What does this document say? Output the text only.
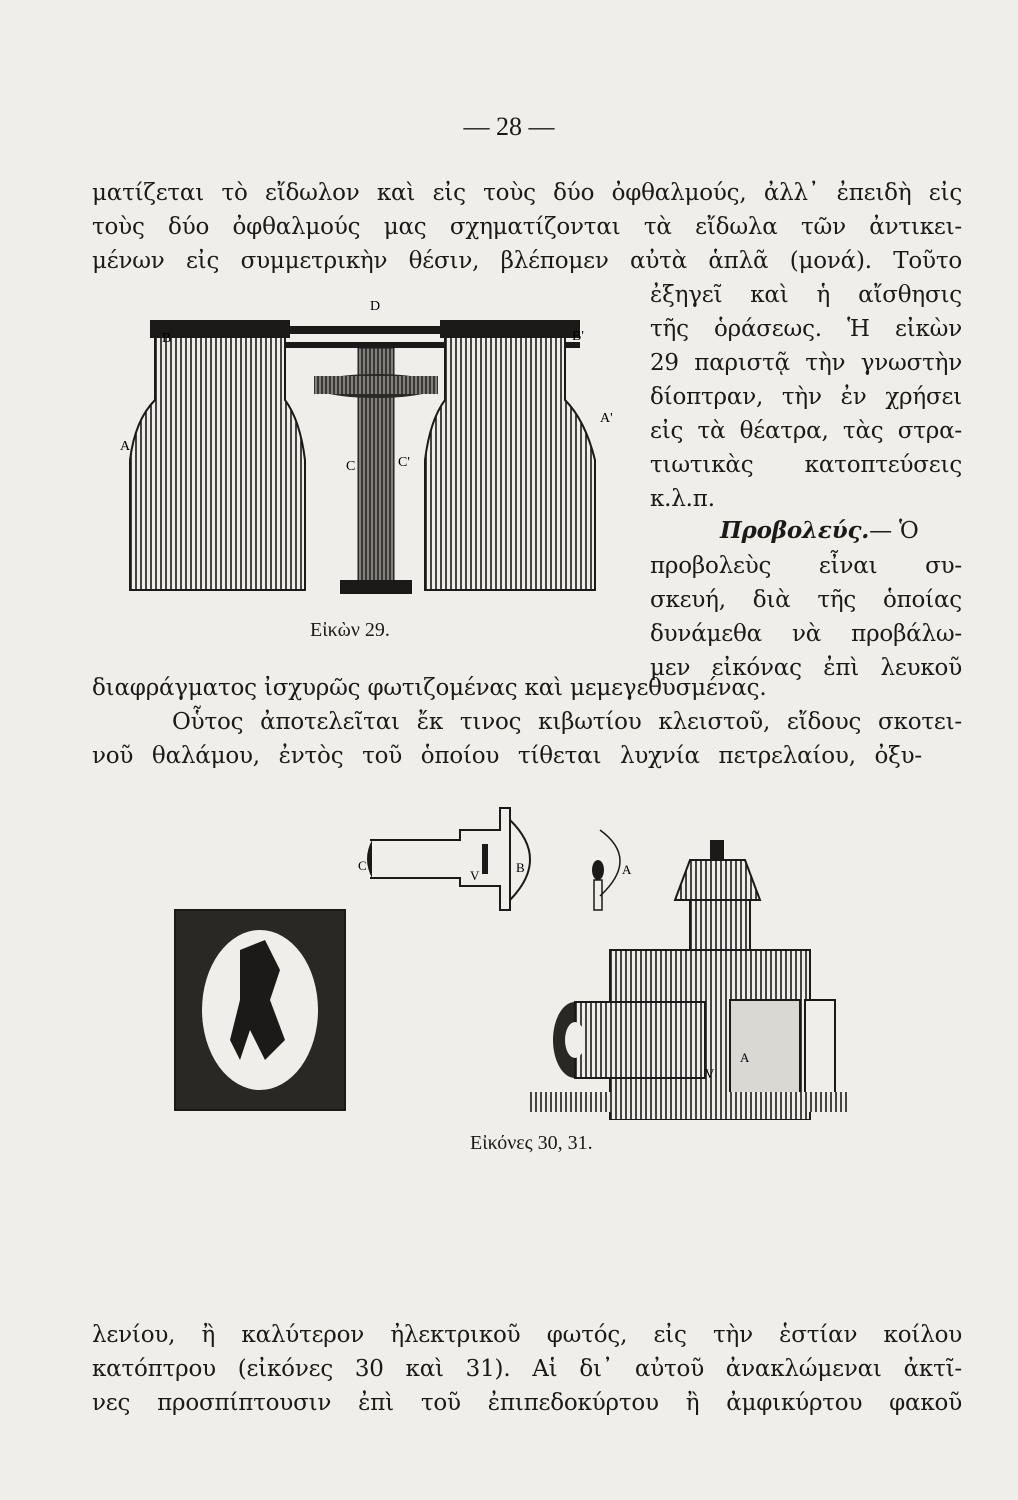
— 28 —
ματίζεται τὸ εἴδωλον καὶ εἰς τοὺς δύο ὀφθαλμούς, ἀλλ᾿ ἐπειδὴ εἰς
τοὺς δύο ὀφθαλμούς μας σχηματίζονται τὰ εἴδωλα τῶν ἀντικει-
μένων εἰς συμμετρικὴν θέσιν, βλέπομεν αὐτὰ ἁπλᾶ (μονά). Τοῦτο
ἐξηγεῖ καὶ ἡ αἴσθησις
τῆς ὁράσεως. Ἡ εἰκὼν
29 παριστᾷ τὴν γνωστὴν
δίοπτραν, τὴν ἐν χρήσει
εἰς τὰ θέατρα, τὰς στρα-
τιωτικὰς κατοπτεύσεις
κ.λ.π.
Προβολεύς.— Ὁ
προβολεὺς εἶναι συ-
σκευή, διὰ τῆς ὁποίας
δυνάμεθα νὰ προβάλω-
μεν εἰκόνας ἐπὶ λευκοῦ
D
B	B'
A
A'
C	C'
Εἰκὼν 29.
διαφράγματος ἰσχυρῶς φωτιζομένας καὶ μεμεγεθυσμένας.
Οὗτος ἀποτελεῖται ἔκ τινος κιβωτίου κλειστοῦ, εἴδους σκοτει-
νοῦ θαλάμου, ἐντὸς τοῦ ὁποίου τίθεται λυχνία πετρελαίου, ὀξυ-
C
V
B	A
A
V
Εἰκόνες 30, 31.
λενίου, ἢ καλύτερον ἠλεκτρικοῦ φωτός, εἰς τὴν ἑστίαν κοίλου
κατόπτρου (εἰκόνες 30 καὶ 31). Αἱ δι᾿ αὐτοῦ ἀνακλώμεναι ἀκτῖ-
νες προσπίπτουσιν ἐπὶ τοῦ ἐπιπεδοκύρτου ἢ ἀμφικύρτου φακοῦ
